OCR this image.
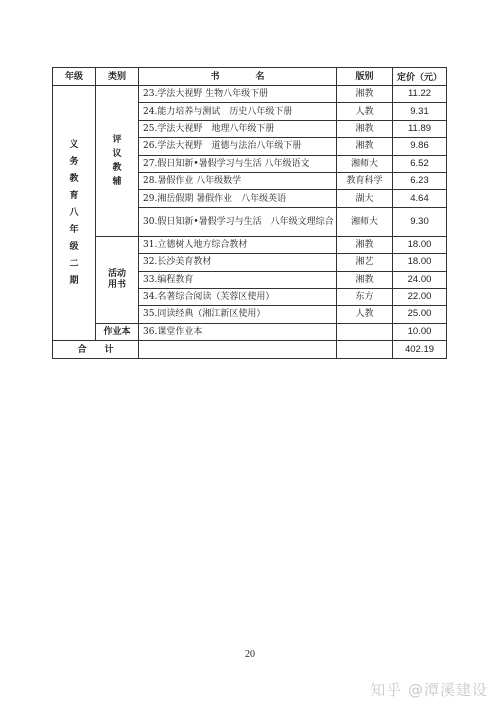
年级	类别	书　　　　名	版别	定价（元）
义务教育八年级二期	评议教辅	23.学法大视野 生物八年级下册	湘教	11.22
		24.能力培养与测试　历史八年级下册	人教	9.31
		25.学法大视野　地理八年级下册	湘教	11.89
		26.学法大视野　道德与法治八年级下册	湘教	9.86
		27.假日知新•暑假学习与生活 八年级语文	湘师大	6.52
		28.暑假作业 八年级数学	教育科学	6.23
		29.湘岳假期 暑假作业　八年级英语	湖大	4.64
		30.假日知新•暑假学习与生活　八年级文理综合	湘师大	9.30
	活动用书	31.立德树人地方综合教材	湘教	18.00
		32.长沙美育教材	湘艺	18.00
		33.编程教育	湘教	24.00
		34.名著综合阅读（芙蓉区使用）	东方	22.00
		35.同读经典（湘江新区使用）	人教	25.00
	作业本	36.课堂作业本		10.00
合　　计				402.19
20
知乎 @潭溪建设
